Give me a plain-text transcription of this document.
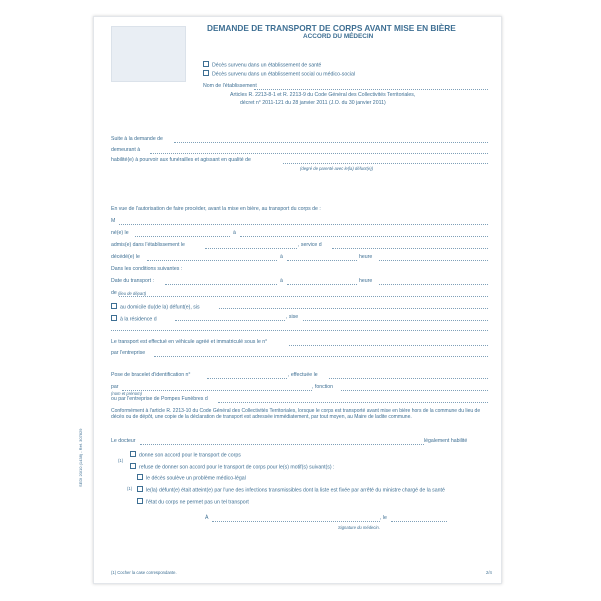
DEMANDE DE TRANSPORT DE CORPS AVANT MISE EN BIÈRE
ACCORD DU MÉDECIN
Décès survenu dans un établissement de santé
Décès survenu dans un établissement social ou médico-social
Nom de l'établissement
Articles R. 2213-8-1 et R. 2213-9 du Code Général des Collectivités Territoriales,
décret n° 2011-121 du 28 janvier 2011 (J.O. du 30 janvier 2011)
Suite à la demande de
demeurant à
habilité(e) à pourvoir aux funérailles et agissant en qualité de
(degré de parenté avec le(la) défunt(e))
En vue de l'autorisation de faire procéder, avant la mise en bière, au transport du corps de :
M
né(e) le	à
admis(e) dans l'établissement le	, service d
décédé(e) le	à	heure
Dans les conditions suivantes :
Date du transport :	à	heure
de (lieu de départ)
au domicile du(de la) défunt(e), sis
à la résidence d	, sise
Le transport est effectué en véhicule agréé et immatriculé sous le n°
par l'entreprise
Pose de bracelet d'identification n°	, effectuée le
par
(nom et prénom)
, fonction
ou par l'entreprise de Pompes Funèbres d
Conformément à l'article R. 2213-10 du Code Général des Collectivités Territoriales, lorsque le corps est transporté avant mise en bière hors de la commune du lieu de décès ou de dépôt, une copie de la déclaration de transport est adressée immédiatement, par tout moyen, au Maire de ladite commune.
Le docteur	légalement habilité
(1)
donne son accord pour le transport de corps
refuse de donner son accord pour le transport de corps pour le(s) motif(s) suivant(s) :
le décès soulève un problème médico-légal
(1)	le(la) défunt(e) était atteint(e) par l'une des infections transmissibles dont la liste est fixée par arrêté du ministre chargé de la santé
l'état du corps ne permet pas un tel transport
À	, le
Signature du médecin.
SEDI 20/10 (1438) - Réf. 307829
(1) Cocher la case correspondante.	2/4
